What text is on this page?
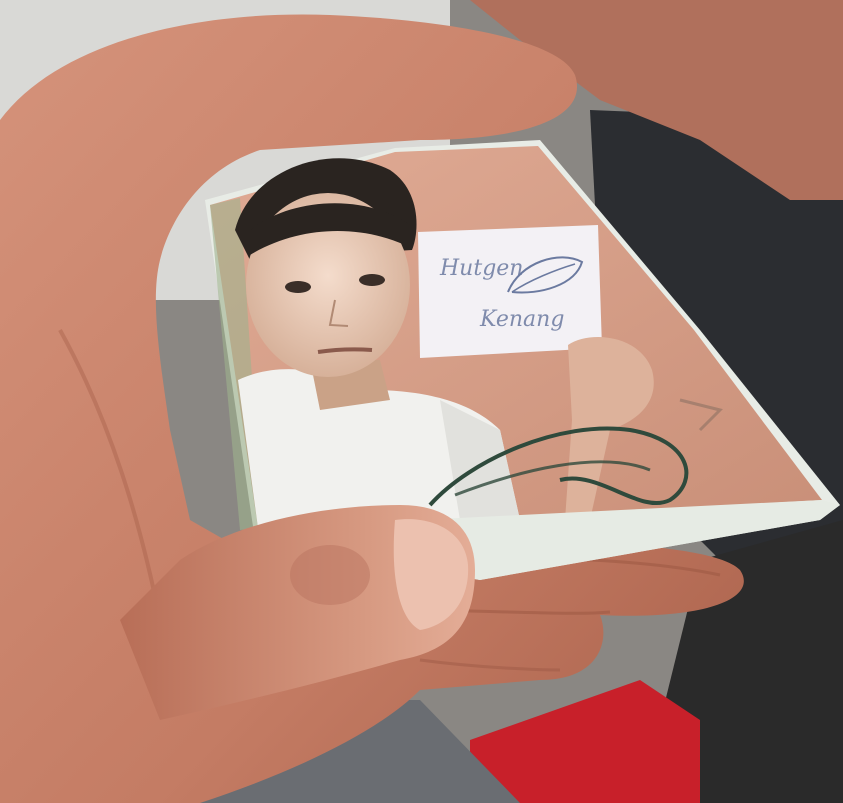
Hutgen
Kenang
